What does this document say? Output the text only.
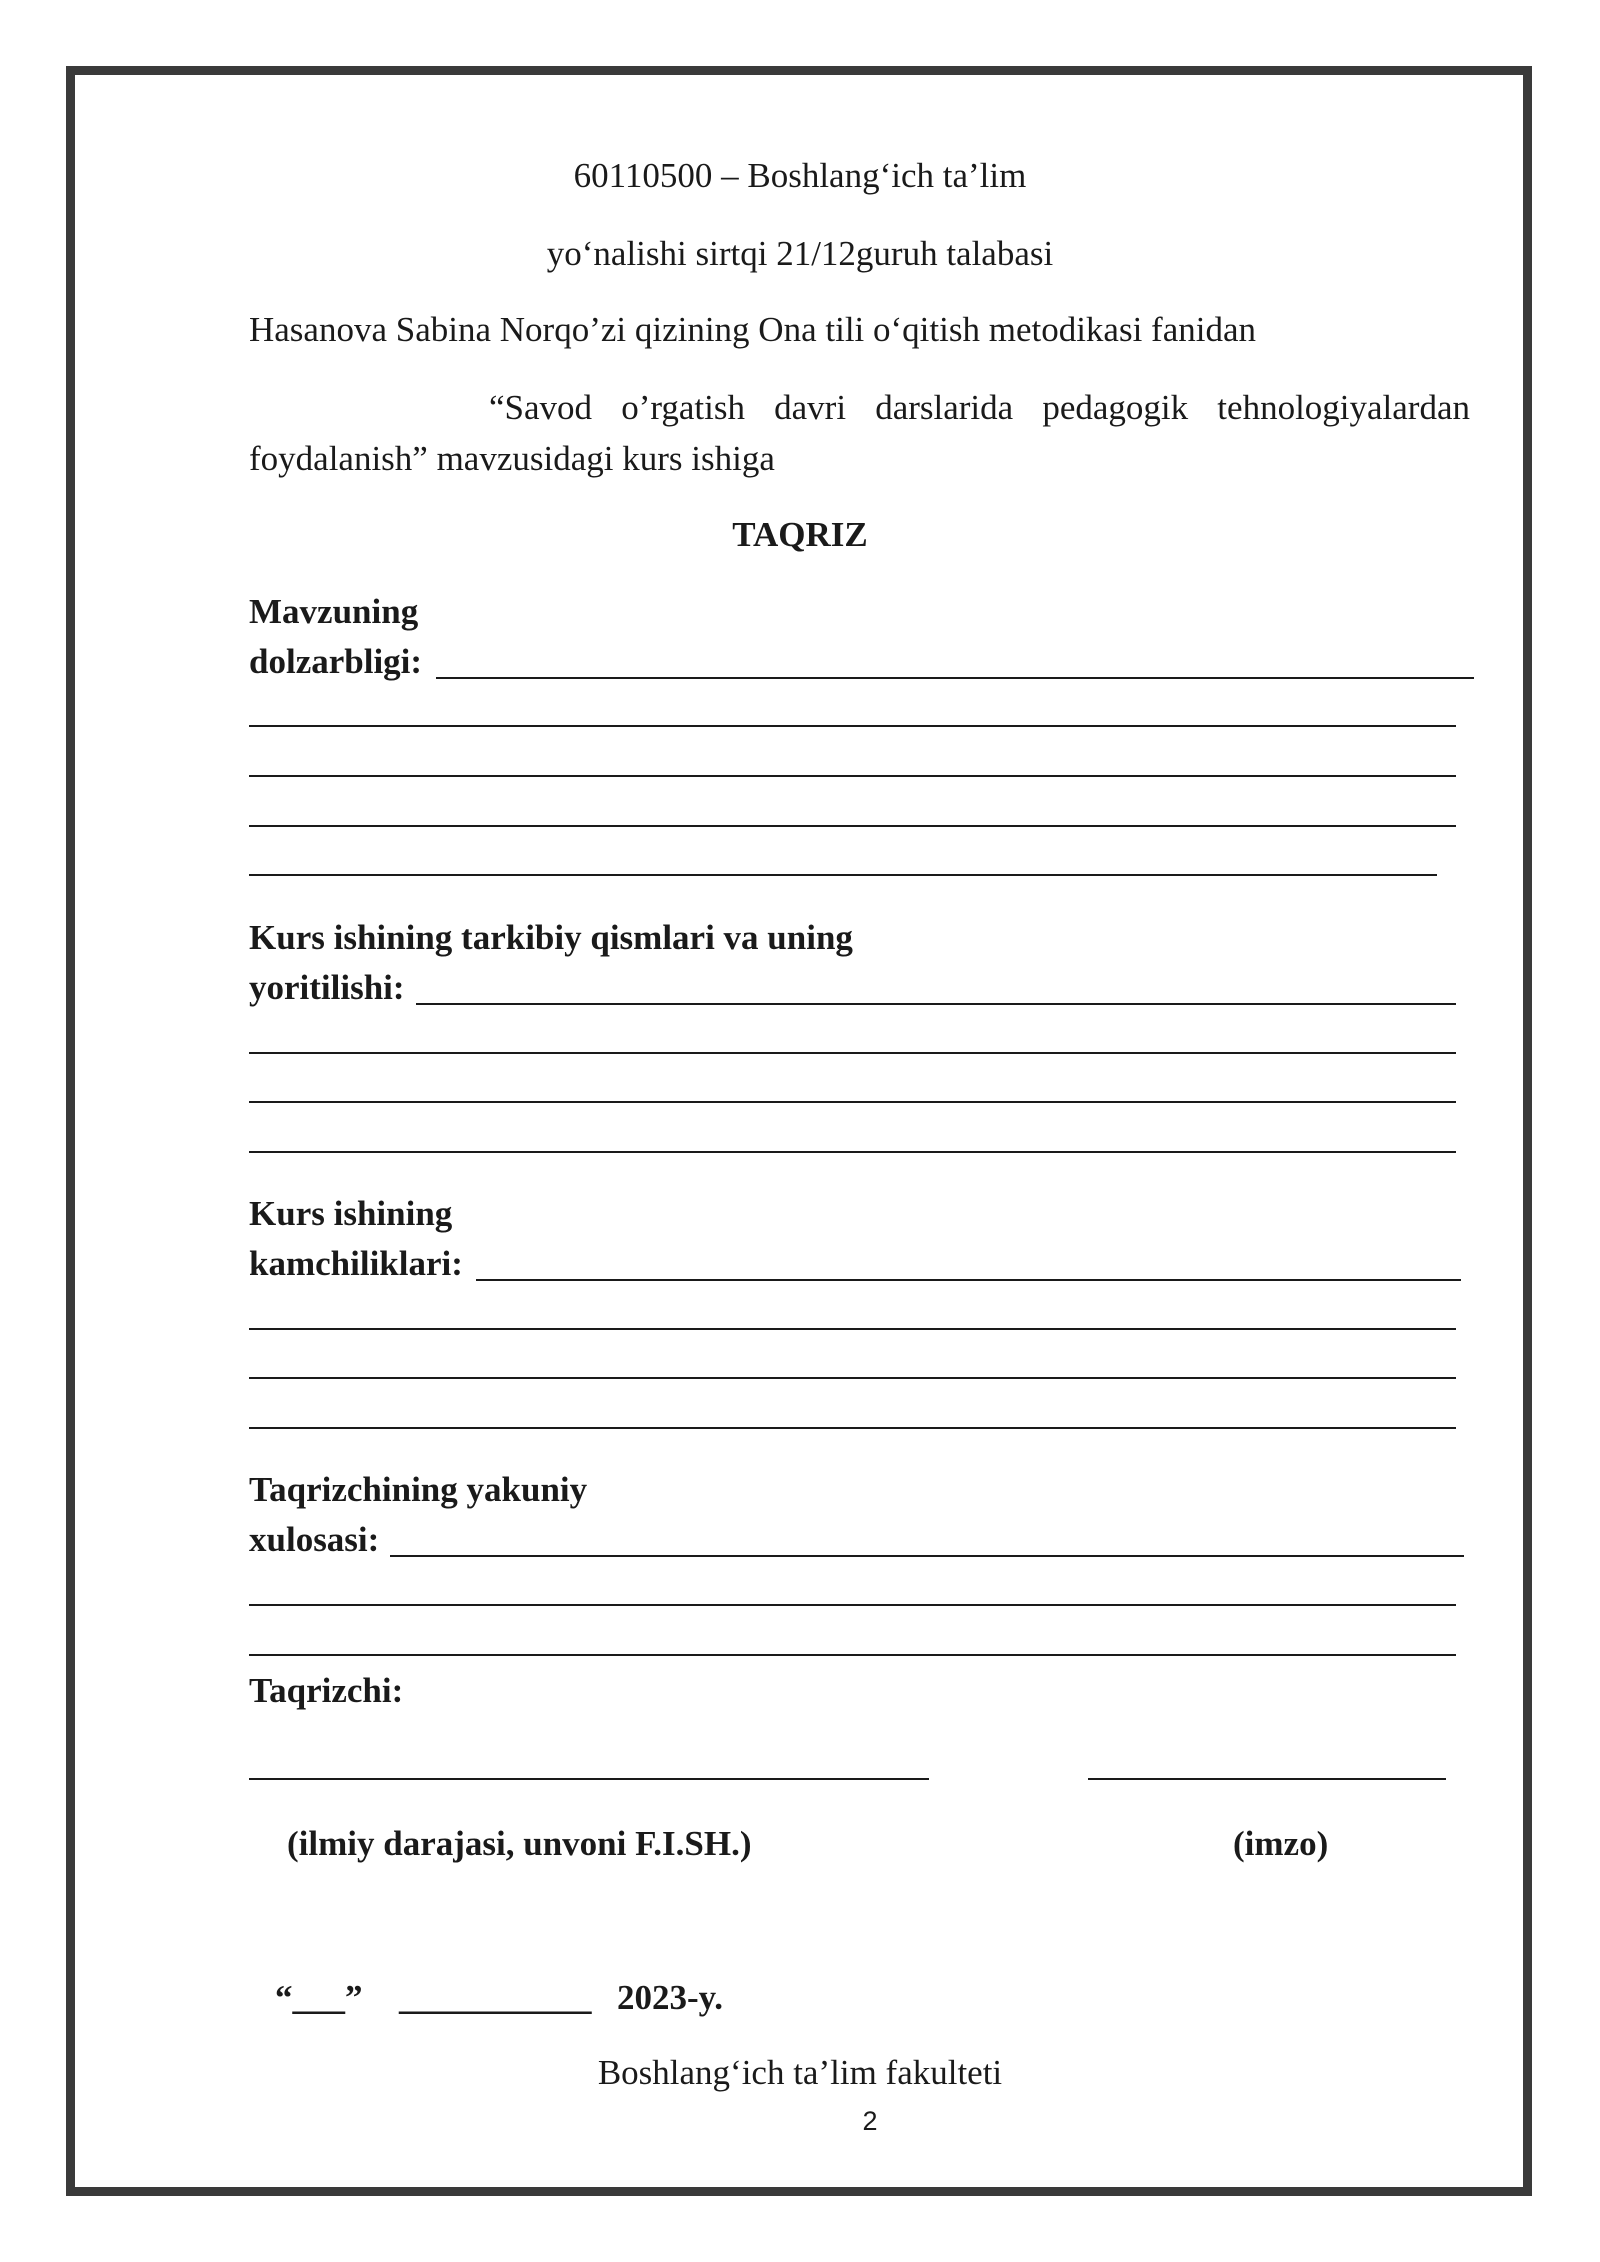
60110500 – Boshlang‘ich ta’lim
yo‘nalishi sirtqi 21/12guruh talabasi
Hasanova Sabina Norqo’zi qizining Ona tili o‘qitish metodikasi fanidan
“Savod o’rgatish davri darslarida pedagogik tehnologiyalardan
foydalanish” mavzusidagi kurs ishiga
TAQRIZ
Mavzuning
dolzarbligi:
Kurs ishining tarkibiy qismlari va uning
yoritilishi:
Kurs ishining
kamchiliklari:
Taqrizchining yakuniy
xulosasi:
Taqrizchi:
(ilmiy darajasi, unvoni F.I.SH.)	(imzo)
“___” ___________ 2023-y.
Boshlang‘ich ta’lim fakulteti
2
